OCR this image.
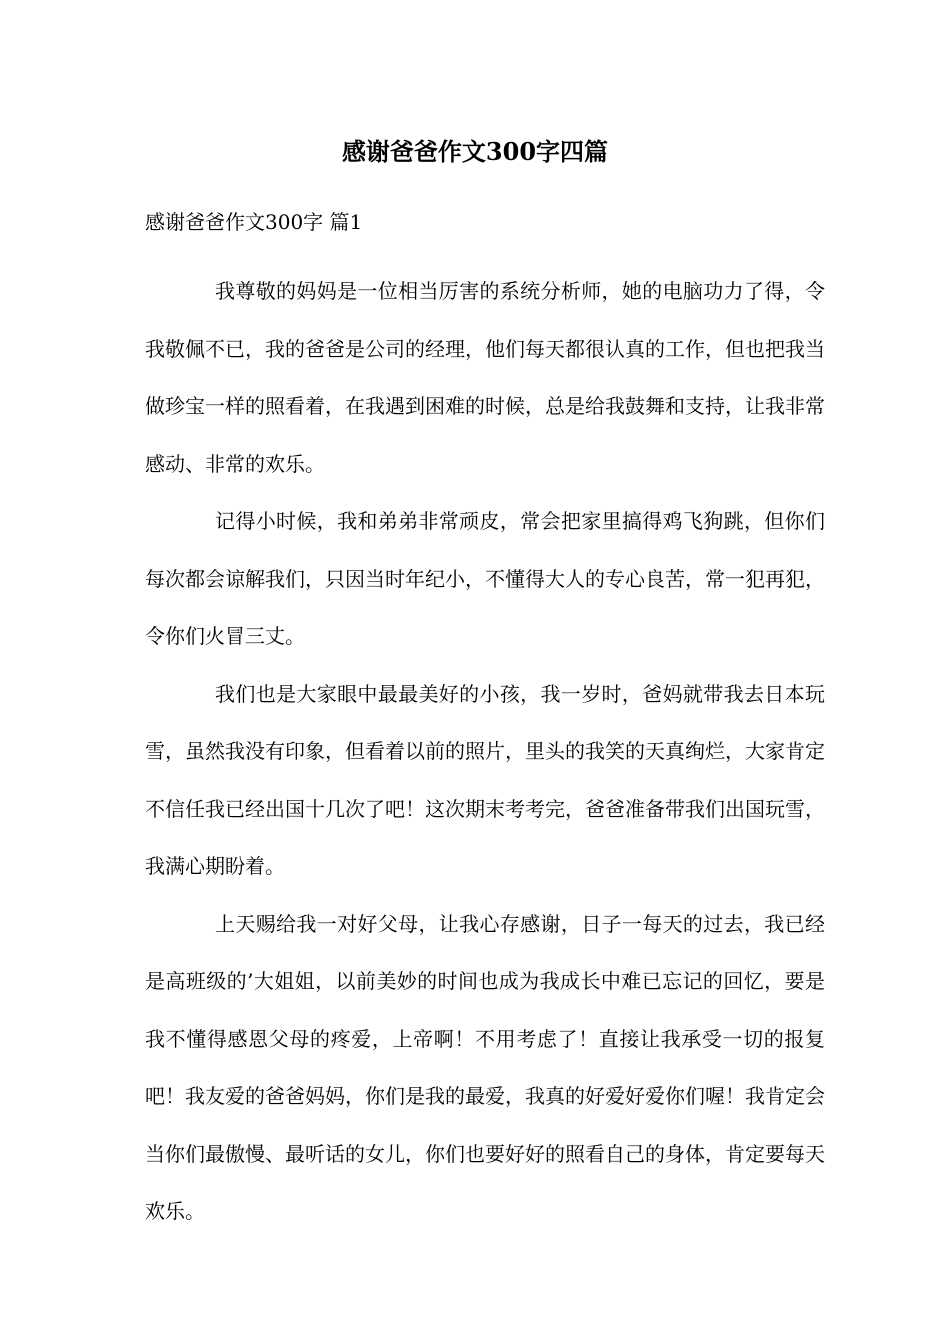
感谢爸爸作文300字四篇

感谢爸爸作文300字 篇1

我尊敬的妈妈是一位相当厉害的系统分析师，她的电脑功力了得，令我敬佩不已，我的爸爸是公司的经理，他们每天都很认真的工作，但也把我当做珍宝一样的照看着，在我遇到困难的时候，总是给我鼓舞和支持，让我非常感动、非常的欢乐。

记得小时候，我和弟弟非常顽皮，常会把家里搞得鸡飞狗跳，但你们每次都会谅解我们，只因当时年纪小，不懂得大人的专心良苦，常一犯再犯，令你们火冒三丈。

我们也是大家眼中最最美好的小孩，我一岁时，爸妈就带我去日本玩雪，虽然我没有印象，但看着以前的照片，里头的我笑的天真绚烂，大家肯定不信任我已经出国十几次了吧！这次期末考考完，爸爸准备带我们出国玩雪，我满心期盼着。

上天赐给我一对好父母，让我心存感谢，日子一每天的过去，我已经是高班级的’大姐姐，以前美妙的时间也成为我成长中难已忘记的回忆，要是我不懂得感恩父母的疼爱，上帝啊！不用考虑了！直接让我承受一切的报复吧！我友爱的爸爸妈妈，你们是我的最爱，我真的好爱好爱你们喔！我肯定会当你们最傲慢、最听话的女儿，你们也要好好的照看自己的身体，肯定要每天欢乐。
